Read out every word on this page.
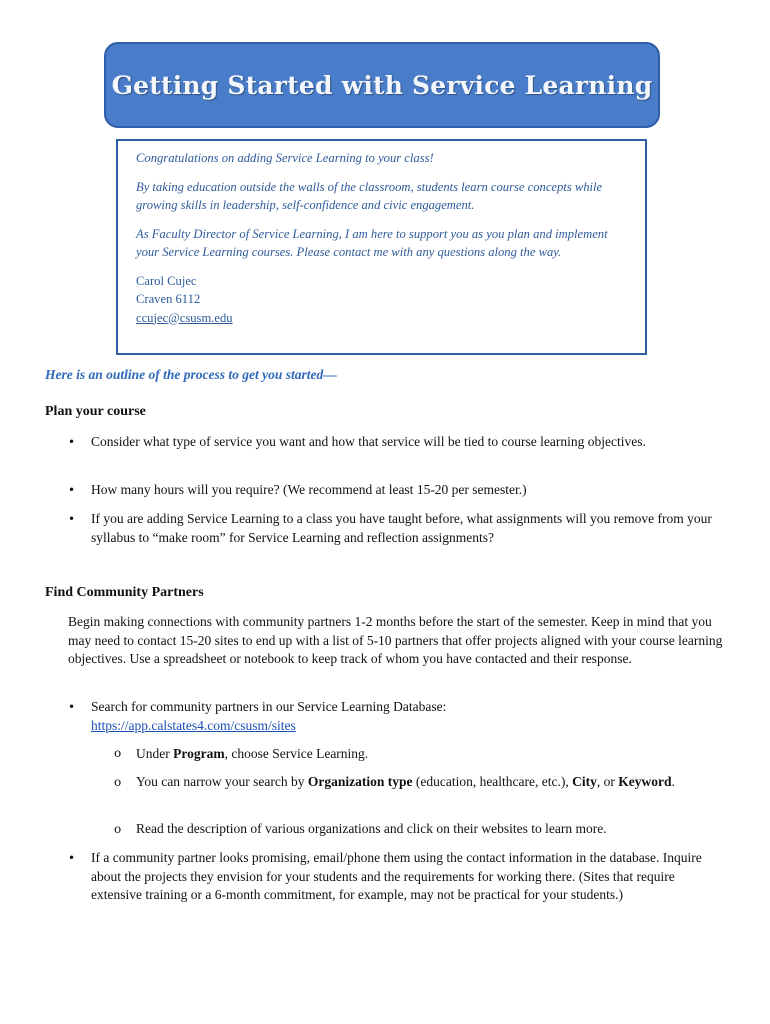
Getting Started with Service Learning

Congratulations on adding Service Learning to your class!

By taking education outside the walls of the classroom, students learn course concepts while growing skills in leadership, self-confidence and civic engagement.

As Faculty Director of Service Learning, I am here to support you as you plan and implement your Service Learning courses. Please contact me with any questions along the way.

Carol Cujec

Craven 6112

ccujec@csusm.edu

Here is an outline of the process to get you started—
Plan your course
• Consider what type of service you want and how that service will be tied to course learning objectives.
• How many hours will you require? (We recommend at least 15-20 per semester.)
• If you are adding Service Learning to a class you have taught before, what assignments will you remove from your syllabus to “make room” for Service Learning and reflection assignments?
Find Community Partners
Begin making connections with community partners 1-2 months before the start of the semester. Keep in mind that you may need to contact 15-20 sites to end up with a list of 5-10 partners that offer projects aligned with your course learning objectives. Use a spreadsheet or notebook to keep track of whom you have contacted and their response.
• Search for community partners in our Service Learning Database:
https://app.calstates4.com/csusm/sites
o Under Program, choose Service Learning.
o You can narrow your search by Organization type (education, healthcare, etc.), City, or Keyword.
o Read the description of various organizations and click on their websites to learn more.
• If a community partner looks promising, email/phone them using the contact information in the database. Inquire about the projects they envision for your students and the requirements for working there. (Sites that require extensive training or a 6-month commitment, for example, may not be practical for your students.)
